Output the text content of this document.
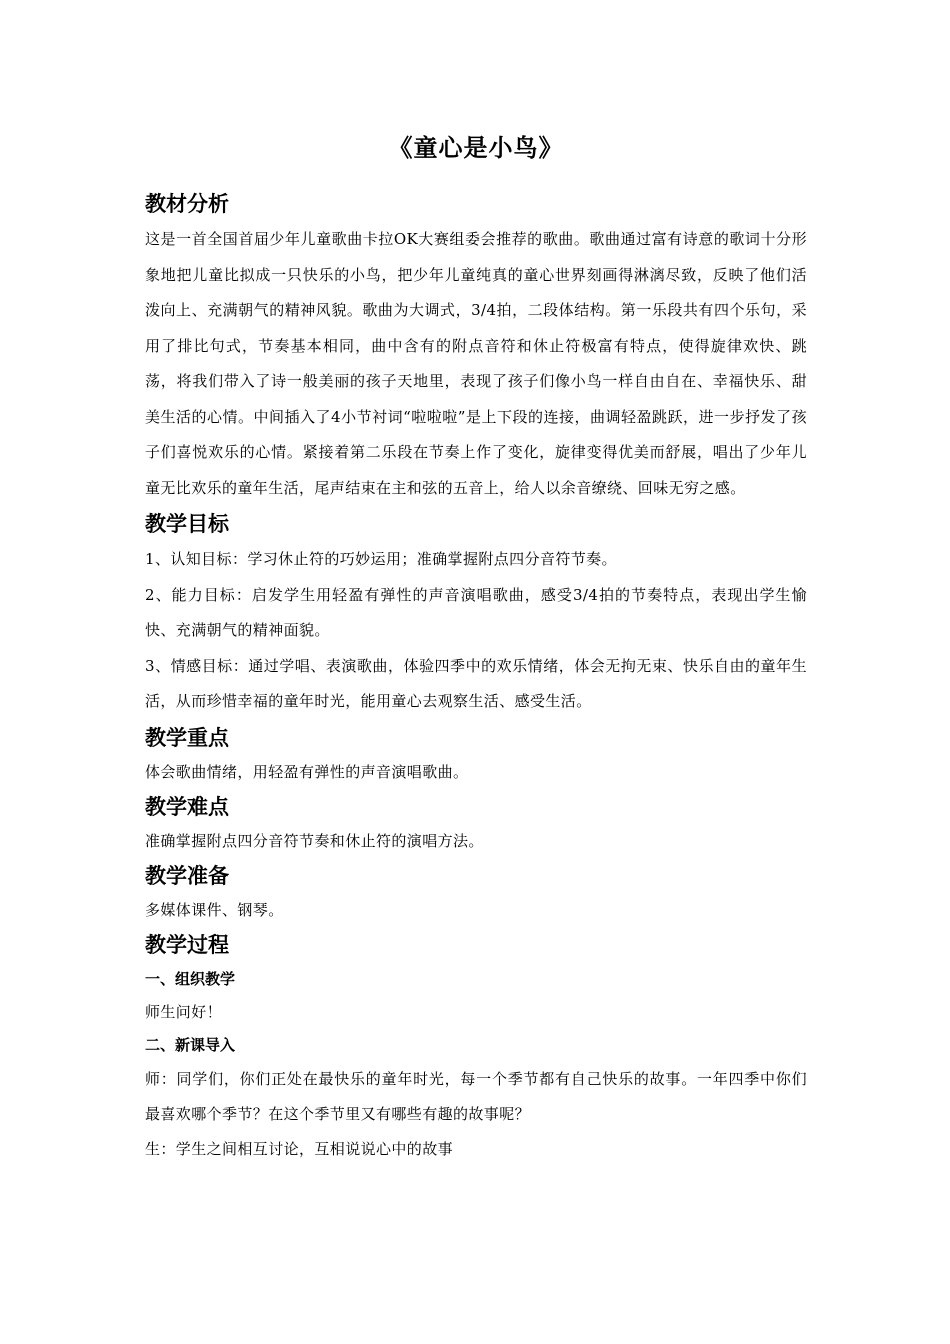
《童心是小鸟》
教材分析
这是一首全国首届少年儿童歌曲卡拉OK大赛组委会推荐的歌曲。歌曲通过富有诗意的歌词十分形象地把儿童比拟成一只快乐的小鸟，把少年儿童纯真的童心世界刻画得淋漓尽致，反映了他们活泼向上、充满朝气的精神风貌。歌曲为大调式，3/4拍，二段体结构。第一乐段共有四个乐句，采用了排比句式，节奏基本相同，曲中含有的附点音符和休止符极富有特点，使得旋律欢快、跳荡，将我们带入了诗一般美丽的孩子天地里，表现了孩子们像小鸟一样自由自在、幸福快乐、甜美生活的心情。中间插入了4小节衬词“啦啦啦”是上下段的连接，曲调轻盈跳跃，进一步抒发了孩子们喜悦欢乐的心情。紧接着第二乐段在节奏上作了变化，旋律变得优美而舒展，唱出了少年儿童无比欢乐的童年生活，尾声结束在主和弦的五音上，给人以余音缭绕、回味无穷之感。
教学目标
1、认知目标：学习休止符的巧妙运用；准确掌握附点四分音符节奏。
2、能力目标：启发学生用轻盈有弹性的声音演唱歌曲，感受3/4拍的节奏特点，表现出学生愉快、充满朝气的精神面貌。
3、情感目标：通过学唱、表演歌曲，体验四季中的欢乐情绪，体会无拘无束、快乐自由的童年生活，从而珍惜幸福的童年时光，能用童心去观察生活、感受生活。
教学重点
体会歌曲情绪，用轻盈有弹性的声音演唱歌曲。
教学难点
准确掌握附点四分音符节奏和休止符的演唱方法。
教学准备
多媒体课件、钢琴。
教学过程
一、组织教学
师生问好！
二、新课导入
师：同学们，你们正处在最快乐的童年时光，每一个季节都有自己快乐的故事。一年四季中你们最喜欢哪个季节？在这个季节里又有哪些有趣的故事呢？
生：学生之间相互讨论，互相说说心中的故事
